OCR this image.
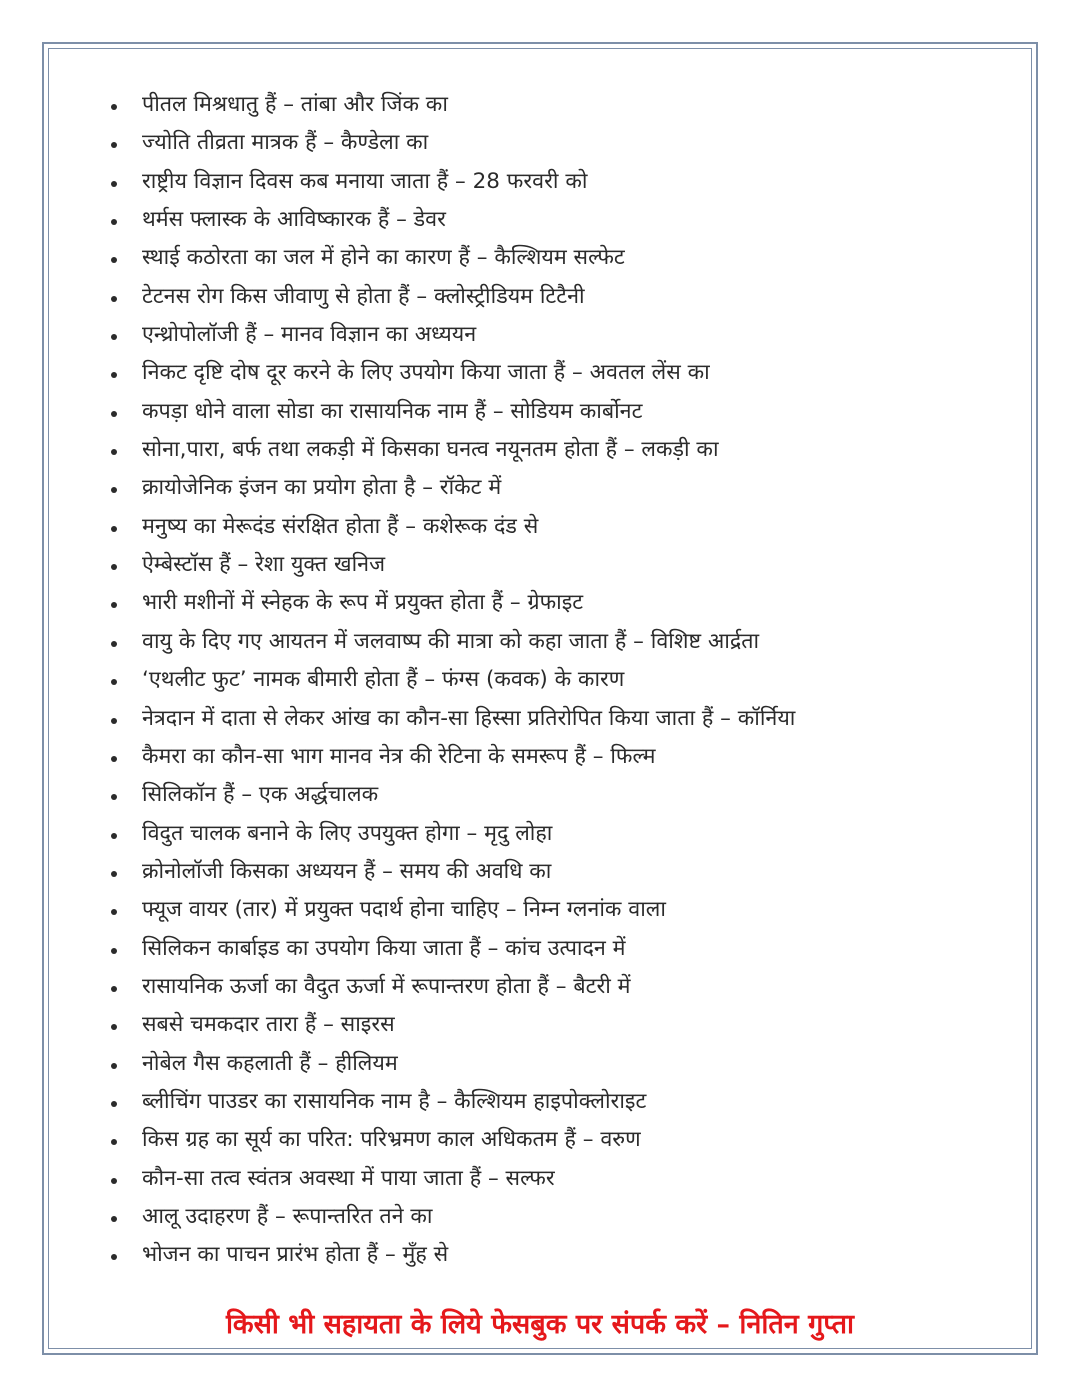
पीतल मिश्रधातु हैं – तांबा और जिंक का
ज्योति तीव्रता मात्रक हैं – कैण्डेला का
राष्ट्रीय विज्ञान दिवस कब मनाया जाता हैं – 28 फरवरी को
थर्मस फ्लास्क के आविष्कारक हैं – डेवर
स्थाई कठोरता का जल में होने का कारण हैं – कैल्शियम सल्फेट
टेटनस रोग किस जीवाणु से होता हैं – क्लोस्ट्रीडियम टिटैनी
एन्थ्रोपोलॉजी हैं – मानव विज्ञान का अध्ययन
निकट दृष्टि दोष दूर करने के लिए उपयोग किया जाता हैं – अवतल लेंस का
कपड़ा धोने वाला सोडा का रासायनिक नाम हैं – सोडियम कार्बोनट
सोना,पारा, बर्फ तथा लकड़ी में किसका घनत्व नयूनतम होता हैं – लकड़ी का
क्रायोजेनिक इंजन का प्रयोग होता है – रॉकेट में
मनुष्य का मेरूदंड संरक्षित होता हैं – कशेरूक दंड से
ऐम्बेस्टॉस हैं – रेशा युक्त खनिज
भारी मशीनों में स्नेहक के रूप में प्रयुक्त होता हैं – ग्रेफाइट
वायु के दिए गए आयतन में जलवाष्प की मात्रा को कहा जाता हैं – विशिष्ट आर्द्रता
‘एथलीट फुट’ नामक बीमारी होता हैं – फंग्स (कवक) के कारण
नेत्रदान में दाता से लेकर आंख का कौन-सा हिस्सा प्रतिरोपित किया जाता हैं – कॉर्निया
कैमरा का कौन-सा भाग मानव नेत्र की रेटिना के समरूप हैं – फिल्म
सिलिकॉन हैं – एक अर्द्धचालक
विदुत चालक बनाने के लिए उपयुक्त होगा – मृदु लोहा
क्रोनोलॉजी किसका अध्ययन हैं – समय की अवधि का
फ्यूज वायर (तार) में प्रयुक्त पदार्थ होना चाहिए – निम्न ग्लनांक वाला
सिलिकन कार्बाइड का उपयोग किया जाता हैं – कांच उत्पादन में
रासायनिक ऊर्जा का वैदुत ऊर्जा में रूपान्तरण होता हैं – बैटरी में
सबसे चमकदार तारा हैं – साइरस
नोबेल गैस कहलाती हैं – हीलियम
ब्लीचिंग पाउडर का रासायनिक नाम है – कैल्शियम हाइपोक्लोराइट
किस ग्रह का सूर्य का परित: परिभ्रमण काल अधिकतम हैं – वरुण
कौन-सा तत्व स्वंतत्र अवस्था में पाया जाता हैं – सल्फर
आलू उदाहरण हैं – रूपान्तरित तने का
भोजन का पाचन प्रारंभ होता हैं – मुँह से
किसी भी सहायता के लिये फेसबुक पर संपर्क करें – नितिन गुप्ता
